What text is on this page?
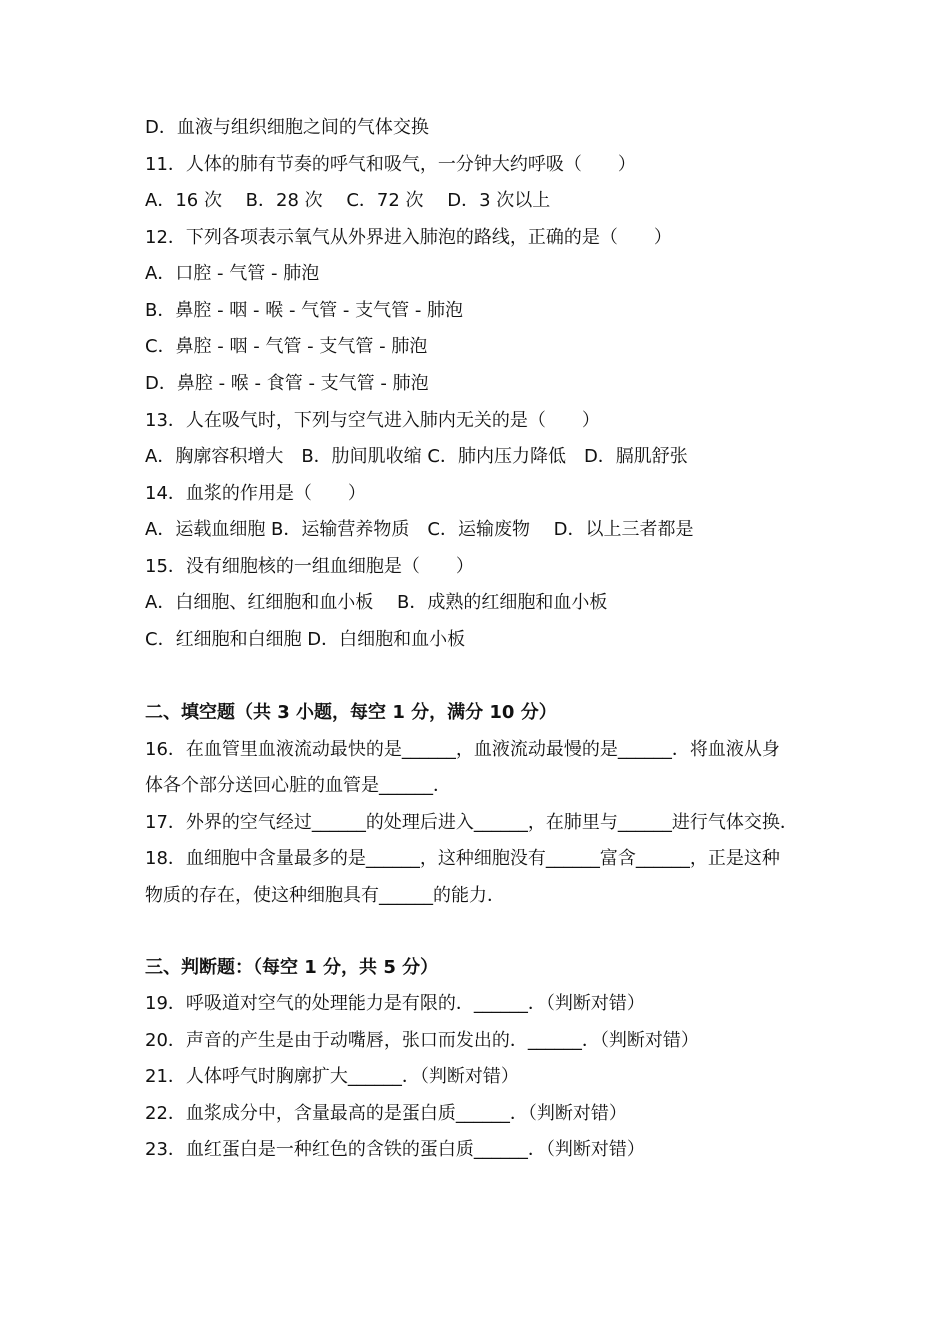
D．血液与组织细胞之间的气体交换
11．人体的肺有节奏的呼气和吸气，一分钟大约呼吸（　　）
A．16 次　 B．28 次　 C．72 次　 D．3 次以上
12．下列各项表示氧气从外界进入肺泡的路线，正确的是（　　）
A．口腔 - 气管 - 肺泡
B．鼻腔 - 咽 - 喉 - 气管 - 支气管 - 肺泡
C．鼻腔 - 咽 - 气管 - 支气管 - 肺泡
D．鼻腔 - 喉 - 食管 - 支气管 - 肺泡
13．人在吸气时，下列与空气进入肺内无关的是（　　）
A．胸廓容积增大　B．肋间肌收缩 C．肺内压力降低　D．膈肌舒张
14．血浆的作用是（　　）
A．运载血细胞 B．运输营养物质　C．运输废物　 D．以上三者都是
15．没有细胞核的一组血细胞是（　　）
A．白细胞、红细胞和血小板　 B．成熟的红细胞和血小板
C．红细胞和白细胞 D．白细胞和血小板
二、填空题（共 3 小题，每空 1 分，满分 10 分）
16．在血管里血液流动最快的是______，血液流动最慢的是______．将血液从身
体各个部分送回心脏的血管是______．
17．外界的空气经过______的处理后进入______，在肺里与______进行气体交换．
18．血细胞中含量最多的是______，这种细胞没有______富含______，正是这种
物质的存在，使这种细胞具有______的能力．
三、判断题：（每空 1 分，共 5 分）
19．呼吸道对空气的处理能力是有限的．______．（判断对错）
20．声音的产生是由于动嘴唇，张口而发出的．______．（判断对错）
21．人体呼气时胸廓扩大______．（判断对错）
22．血浆成分中，含量最高的是蛋白质______．（判断对错）
23．血红蛋白是一种红色的含铁的蛋白质______．（判断对错）
